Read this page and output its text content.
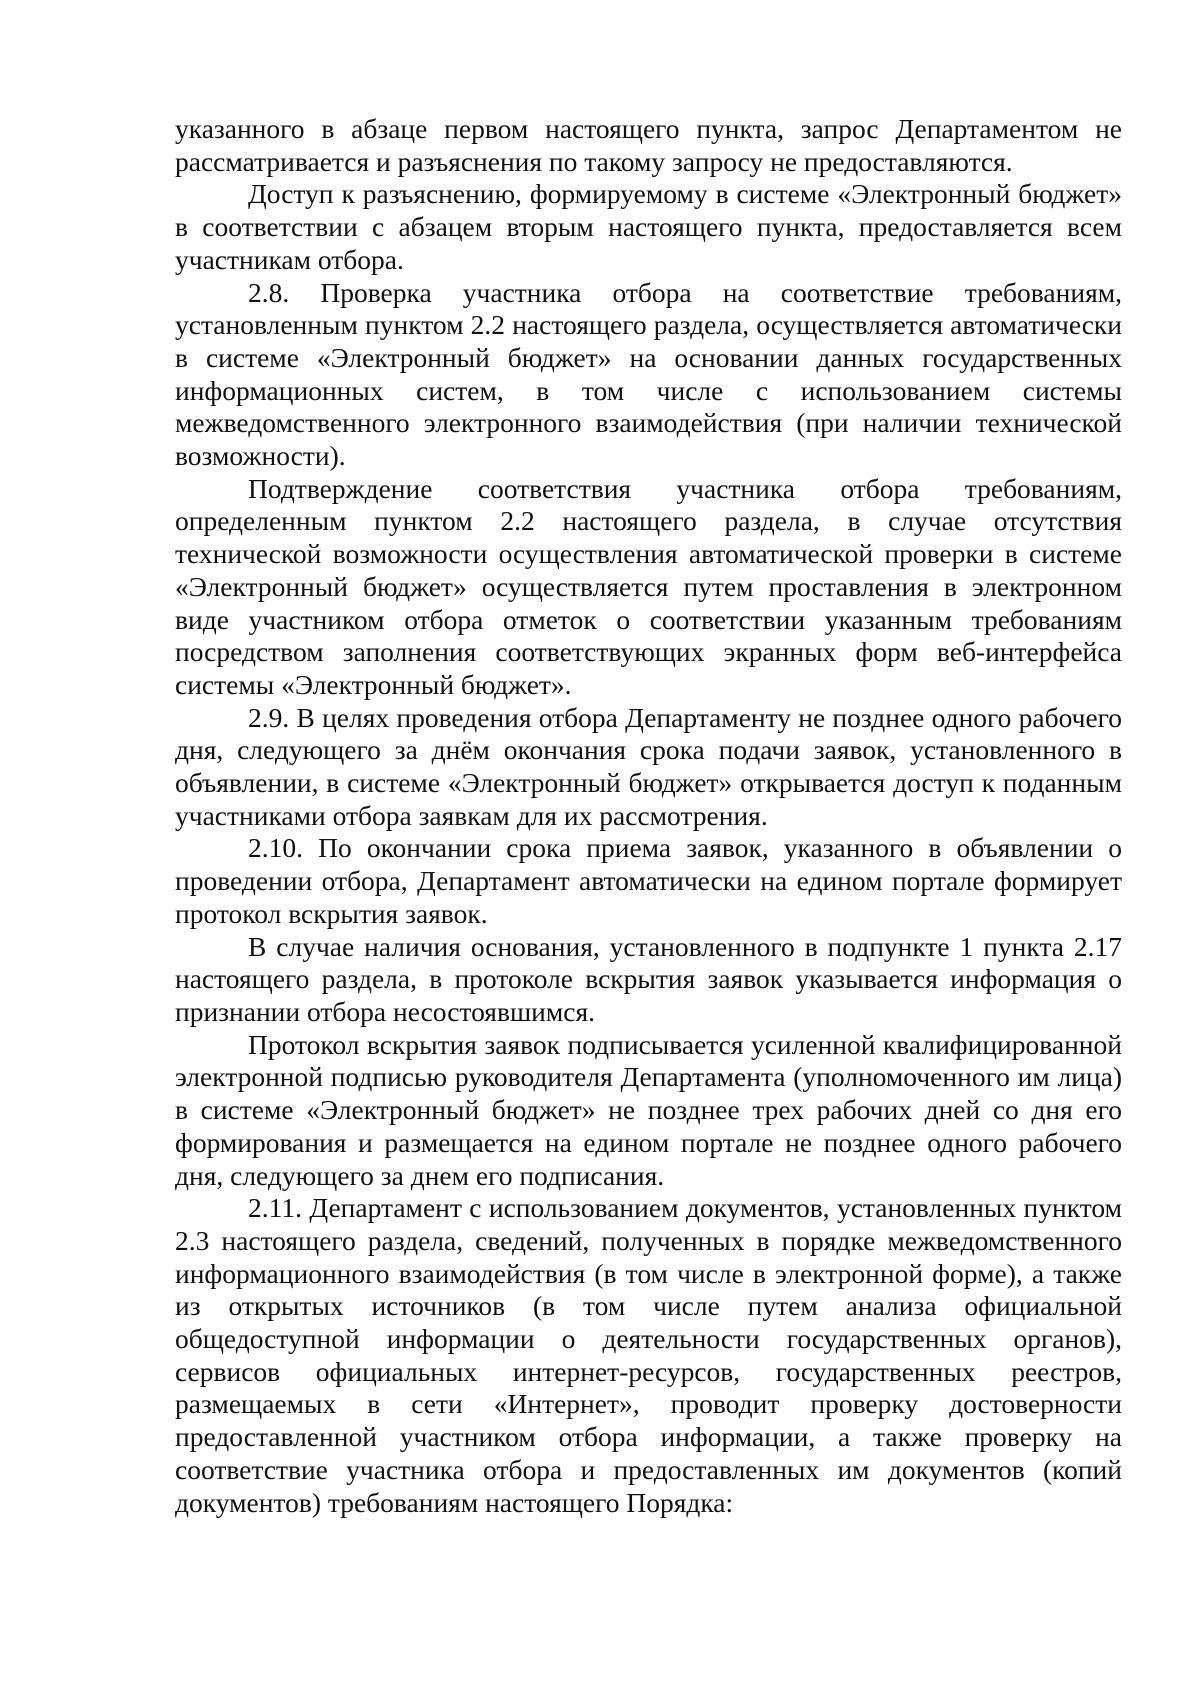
указанного в абзаце первом настоящего пункта, запрос Департаментом не рассматривается и разъяснения по такому запросу не предоставляются.

Доступ к разъяснению, формируемому в системе «Электронный бюджет» в соответствии с абзацем вторым настоящего пункта, предоставляется всем участникам отбора.

2.8. Проверка участника отбора на соответствие требованиям, установленным пунктом 2.2 настоящего раздела, осуществляется автоматически в системе «Электронный бюджет» на основании данных государственных информационных систем, в том числе с использованием системы межведомственного электронного взаимодействия (при наличии технической возможности).

Подтверждение соответствия участника отбора требованиям, определенным пунктом 2.2 настоящего раздела, в случае отсутствия технической возможности осуществления автоматической проверки в системе «Электронный бюджет» осуществляется путем проставления в электронном виде участником отбора отметок о соответствии указанным требованиям посредством заполнения соответствующих экранных форм веб-интерфейса системы «Электронный бюджет».

2.9. В целях проведения отбора Департаменту не позднее одного рабочего дня, следующего за днём окончания срока подачи заявок, установленного в объявлении, в системе «Электронный бюджет» открывается доступ к поданным участниками отбора заявкам для их рассмотрения.

2.10. По окончании срока приема заявок, указанного в объявлении о проведении отбора, Департамент автоматически на едином портале формирует протокол вскрытия заявок.

В случае наличия основания, установленного в подпункте 1 пункта 2.17 настоящего раздела, в протоколе вскрытия заявок указывается информация о признании отбора несостоявшимся.

Протокол вскрытия заявок подписывается усиленной квалифицированной электронной подписью руководителя Департамента (уполномоченного им лица) в системе «Электронный бюджет» не позднее трех рабочих дней со дня его формирования и размещается на едином портале не позднее одного рабочего дня, следующего за днем его подписания.

2.11. Департамент с использованием документов, установленных пунктом 2.3 настоящего раздела, сведений, полученных в порядке межведомственного информационного взаимодействия (в том числе в электронной форме), а также из открытых источников (в том числе путем анализа официальной общедоступной информации о деятельности государственных органов), сервисов официальных интернет-ресурсов, государственных реестров, размещаемых в сети «Интернет», проводит проверку достоверности предоставленной участником отбора информации, а также проверку на соответствие участника отбора и предоставленных им документов (копий документов) требованиям настоящего Порядка:
